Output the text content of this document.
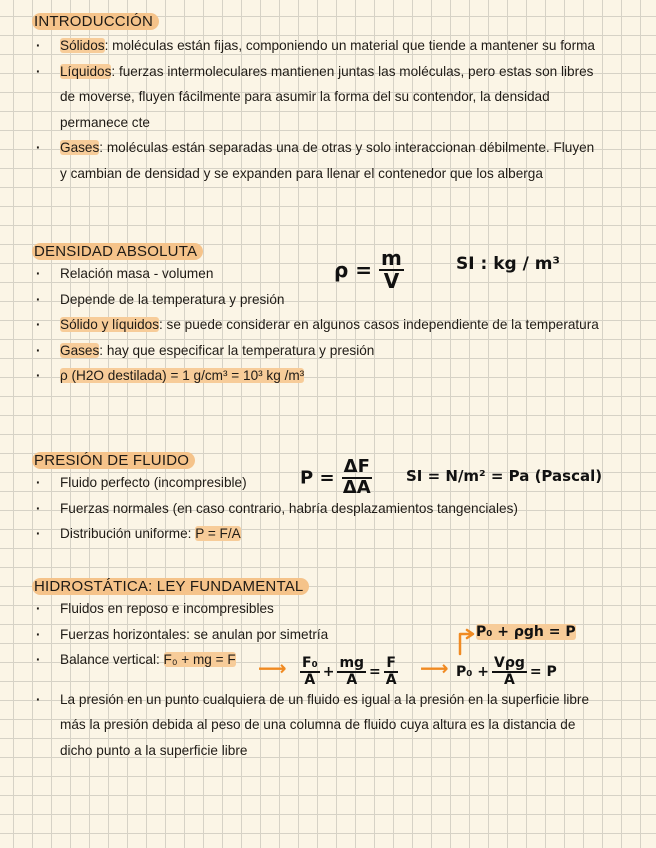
INTRODUCCIÓN
· Sólidos: moléculas están fijas, componiendo un material que tiende a mantener su forma
· Líquidos: fuerzas intermoleculares mantienen juntas las moléculas, pero estas son libres
de moverse, fluyen fácilmente para asumir la forma del su contendor, la densidad
permanece cte
· Gases: moléculas están separadas una de otras y solo interaccionan débilmente. Fluyen
y cambian de densidad y se expanden para llenar el contenedor que los alberga
DENSIDAD ABSOLUTA
· Relación masa - volumen
· Depende de la temperatura y presión
· Sólido y líquidos: se puede considerar en algunos casos independiente de la temperatura
· Gases: hay que especificar la temperatura y presión
· ρ (H2O destilada) = 1 g/cm³ = 10³ kg /m³
$\rho = \frac{m}{V}$	SI : kg / m³
PRESIÓN DE FLUIDO
· Fluido perfecto (incompresible)
· Fuerzas normales (en caso contrario, habría desplazamientos tangenciales)
· Distribución uniforme: P = F/A
$P = \frac{\Delta F}{\Delta A}$ SI = N/m² = Pa (Pascal)
HIDROSTÁTICA: LEY FUNDAMENTAL
· Fluidos en reposo e incompresibles
· Fuerzas horizontales: se anulan por simetría
· Balance vertical: F₀ + mg = F
· La presión en un punto cualquiera de un fluido es igual a la presión en la superficie libre
más la presión debida al peso de una columna de fluido cuya altura es la distancia de
dicho punto a la superficie libre
⟶ $\frac{\text{F₀}}{A} + \frac{mg}{A} = \frac{F}{A}$ ⟶ $P_0 + \frac{\text{Vρg}}{A} = P$
P₀ + ρgh = P
